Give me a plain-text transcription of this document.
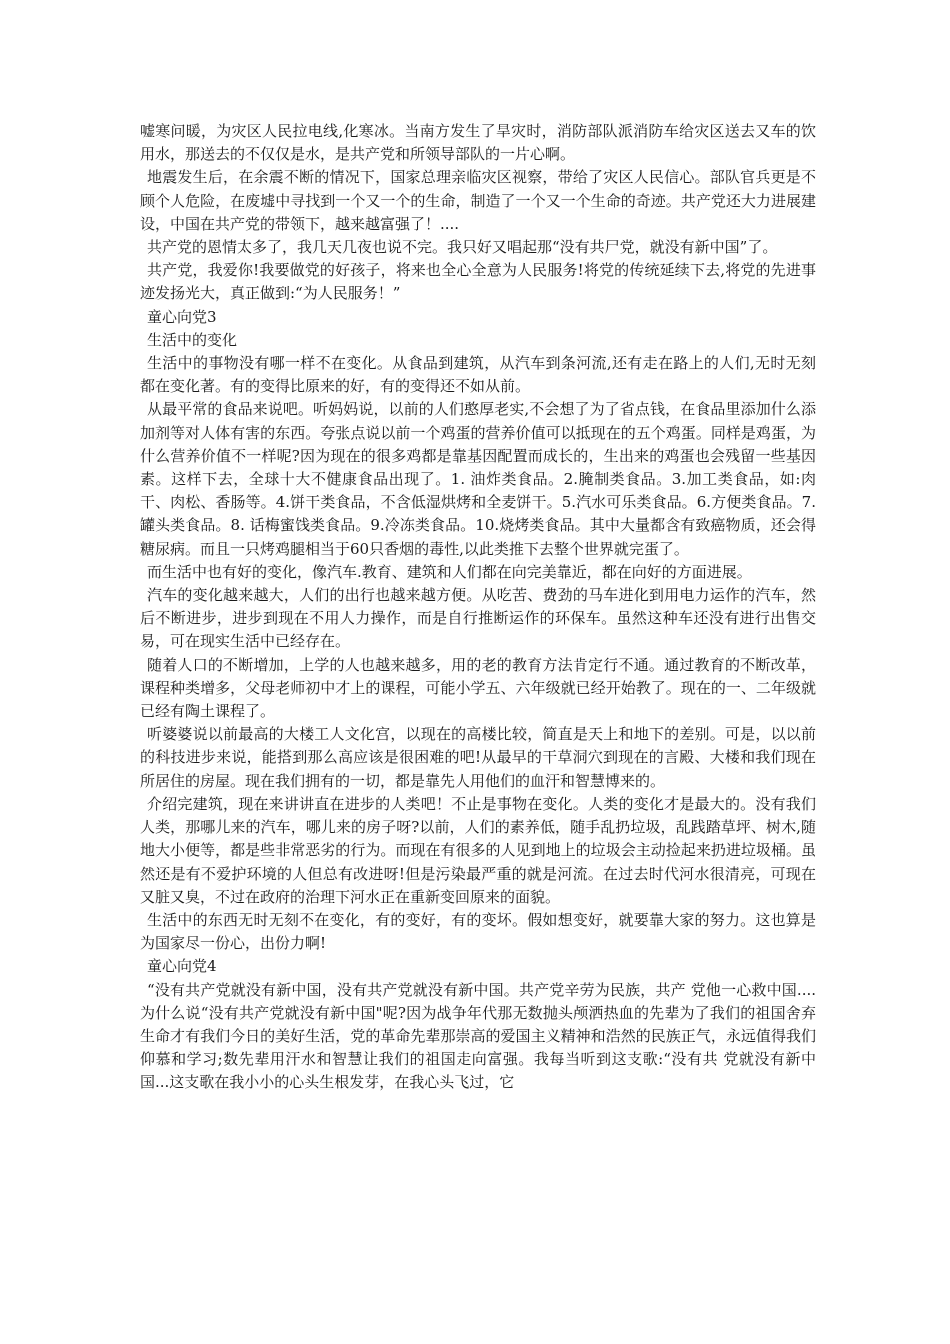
嘘寒问暖，为灾区人民拉电线,化寒冰。当南方发生了旱灾时，消防部队派消防车给灾区送去又车的饮用水，那送去的不仅仅是水，是共产党和所领导部队的一片心啊。

地震发生后，在余震不断的情况下，国家总理亲临灾区视察，带给了灾区人民信心。部队官兵更是不顾个人危险，在废墟中寻找到一个又一个的生命，制造了一个又一个生命的奇迹。共产党还大力进展建设，中国在共产党的带领下，越来越富强了！....

共产党的恩情太多了，我几天几夜也说不完。我只好又唱起那“没有共尸党，就没有新中国”了。

共产党，我爱你!我要做党的好孩子，将来也全心全意为人民服务!将党的传统延续下去,将党的先进事迹发扬光大，真正做到:“为人民服务！”

童心向党3

生活中的变化

生活中的事物没有哪一样不在变化。从食品到建筑，从汽车到条河流,还有走在路上的人们,无时无刻都在变化著。有的变得比原来的好，有的变得还不如从前。

从最平常的食品来说吧。听妈妈说，以前的人们憨厚老实,不会想了为了省点钱，在食品里添加什么添加剂等对人体有害的东西。夸张点说以前一个鸡蛋的营养价值可以抵现在的五个鸡蛋。同样是鸡蛋，为什么营养价值不一样呢?因为现在的很多鸡都是靠基因配置而成长的，生出来的鸡蛋也会残留一些基因素。这样下去，全球十大不健康食品出现了。1. 油炸类食品。2.腌制类食品。3.加工类食品，如:肉干、肉松、香肠等。4.饼干类食品，不含低湿烘烤和全麦饼干。5.汽水可乐类食品。6.方便类食品。7.罐头类食品。8. 话梅蜜饯类食品。9.冷冻类食品。10.烧烤类食品。其中大量都含有致癌物质，还会得糖尿病。而且一只烤鸡腿相当于60只香烟的毒性,以此类推下去整个世界就完蛋了。

而生活中也有好的变化，像汽车.教育、建筑和人们都在向完美靠近，都在向好的方面进展。

汽车的变化越来越大，人们的出行也越来越方便。从吃苦、费劲的马车进化到用电力运作的汽车，然后不断进步，进步到现在不用人力操作，而是自行推断运作的环保车。虽然这种车还没有进行出售交易，可在现实生活中已经存在。

随着人口的不断增加，上学的人也越来越多，用的老的教育方法肯定行不通。通过教育的不断改革，课程种类增多，父母老师初中才上的课程，可能小学五、六年级就已经开始教了。现在的一、二年级就已经有陶土课程了。

听婆婆说以前最高的大楼工人文化宫，以现在的高楼比较，简直是天上和地下的差别。可是，以以前的科技进步来说，能搭到那么高应该是很困难的吧!从最早的干草洞穴到现在的言殿、大楼和我们现在所居住的房屋。现在我们拥有的一切，都是靠先人用他们的血汗和智慧博来的。

介绍完建筑，现在来讲讲直在进步的人类吧！不止是事物在变化。人类的变化才是最大的。没有我们人类，那哪儿来的汽车，哪儿来的房子呀?以前，人们的素养低，随手乱扔垃圾，乱践踏草坪、树木,随地大小便等，都是些非常恶劣的行为。而现在有很多的人见到地上的垃圾会主动捡起来扔进垃圾桶。虽然还是有不爱护环境的人但总有改进呀!但是污染最严重的就是河流。在过去时代河水很清亮，可现在又脏又臭，不过在政府的治理下河水正在重新变回原来的面貌。

生活中的东西无时无刻不在变化，有的变好，有的变坏。假如想变好，就要靠大家的努力。这也算是为国家尽一份心，出份力啊!

童心向党4

“没有共产党就没有新中国，没有共产党就没有新中国。共产党辛劳为民族，共产 党他一心救中国....为什么说“没有共产党就没有新中国"呢?因为战争年代那无数抛头颅洒热血的先辈为了我们的祖国舍弃生命才有我们今日的美好生活，党的革命先辈那崇高的爱国主义精神和浩然的民族正气，永远值得我们仰慕和学习;数先辈用汗水和智慧让我们的祖国走向富强。我每当听到这支歌:“没有共 党就没有新中国...这支歌在我小小的心头生根发芽，在我心头飞过，它
